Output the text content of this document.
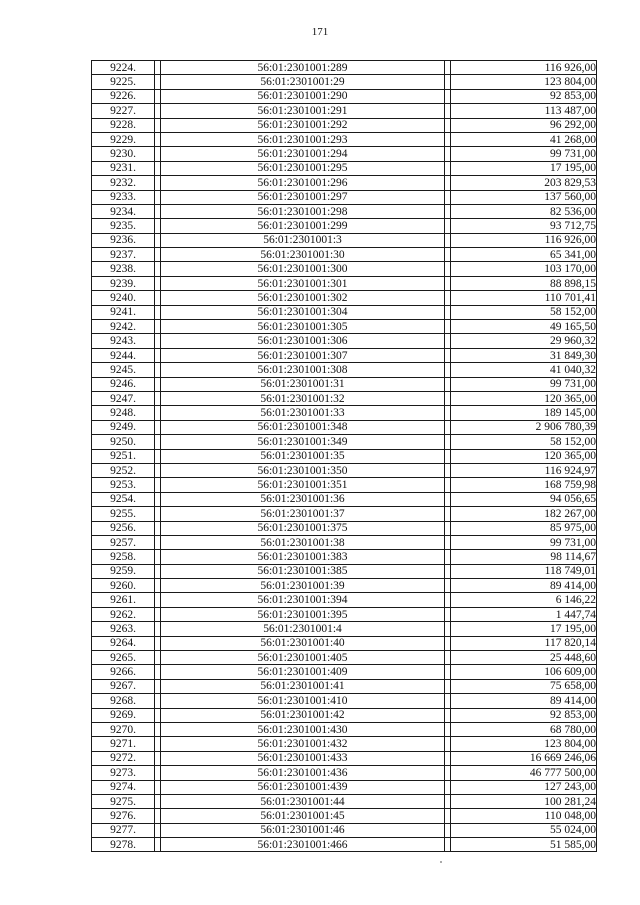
171
9224.		56:01:2301001:289		116 926,00
9225.		56:01:2301001:29		123 804,00
9226.		56:01:2301001:290		92 853,00
9227.		56:01:2301001:291		113 487,00
9228.		56:01:2301001:292		96 292,00
9229.		56:01:2301001:293		41 268,00
9230.		56:01:2301001:294		99 731,00
9231.		56:01:2301001:295		17 195,00
9232.		56:01:2301001:296		203 829,53
9233.		56:01:2301001:297		137 560,00
9234.		56:01:2301001:298		82 536,00
9235.		56:01:2301001:299		93 712,75
9236.		56:01:2301001:3		116 926,00
9237.		56:01:2301001:30		65 341,00
9238.		56:01:2301001:300		103 170,00
9239.		56:01:2301001:301		88 898,15
9240.		56:01:2301001:302		110 701,41
9241.		56:01:2301001:304		58 152,00
9242.		56:01:2301001:305		49 165,50
9243.		56:01:2301001:306		29 960,32
9244.		56:01:2301001:307		31 849,30
9245.		56:01:2301001:308		41 040,32
9246.		56:01:2301001:31		99 731,00
9247.		56:01:2301001:32		120 365,00
9248.		56:01:2301001:33		189 145,00
9249.		56:01:2301001:348		2 906 780,39
9250.		56:01:2301001:349		58 152,00
9251.		56:01:2301001:35		120 365,00
9252.		56:01:2301001:350		116 924,97
9253.		56:01:2301001:351		168 759,98
9254.		56:01:2301001:36		94 056,65
9255.		56:01:2301001:37		182 267,00
9256.		56:01:2301001:375		85 975,00
9257.		56:01:2301001:38		99 731,00
9258.		56:01:2301001:383		98 114,67
9259.		56:01:2301001:385		118 749,01
9260.		56:01:2301001:39		89 414,00
9261.		56:01:2301001:394		6 146,22
9262.		56:01:2301001:395		1 447,74
9263.		56:01:2301001:4		17 195,00
9264.		56:01:2301001:40		117 820,14
9265.		56:01:2301001:405		25 448,60
9266.		56:01:2301001:409		106 609,00
9267.		56:01:2301001:41		75 658,00
9268.		56:01:2301001:410		89 414,00
9269.		56:01:2301001:42		92 853,00
9270.		56:01:2301001:430		68 780,00
9271.		56:01:2301001:432		123 804,00
9272.		56:01:2301001:433		16 669 246,06
9273.		56:01:2301001:436		46 777 500,00
9274.		56:01:2301001:439		127 243,00
9275.		56:01:2301001:44		100 281,24
9276.		56:01:2301001:45		110 048,00
9277.		56:01:2301001:46		55 024,00
9278.		56:01:2301001:466		51 585,00
